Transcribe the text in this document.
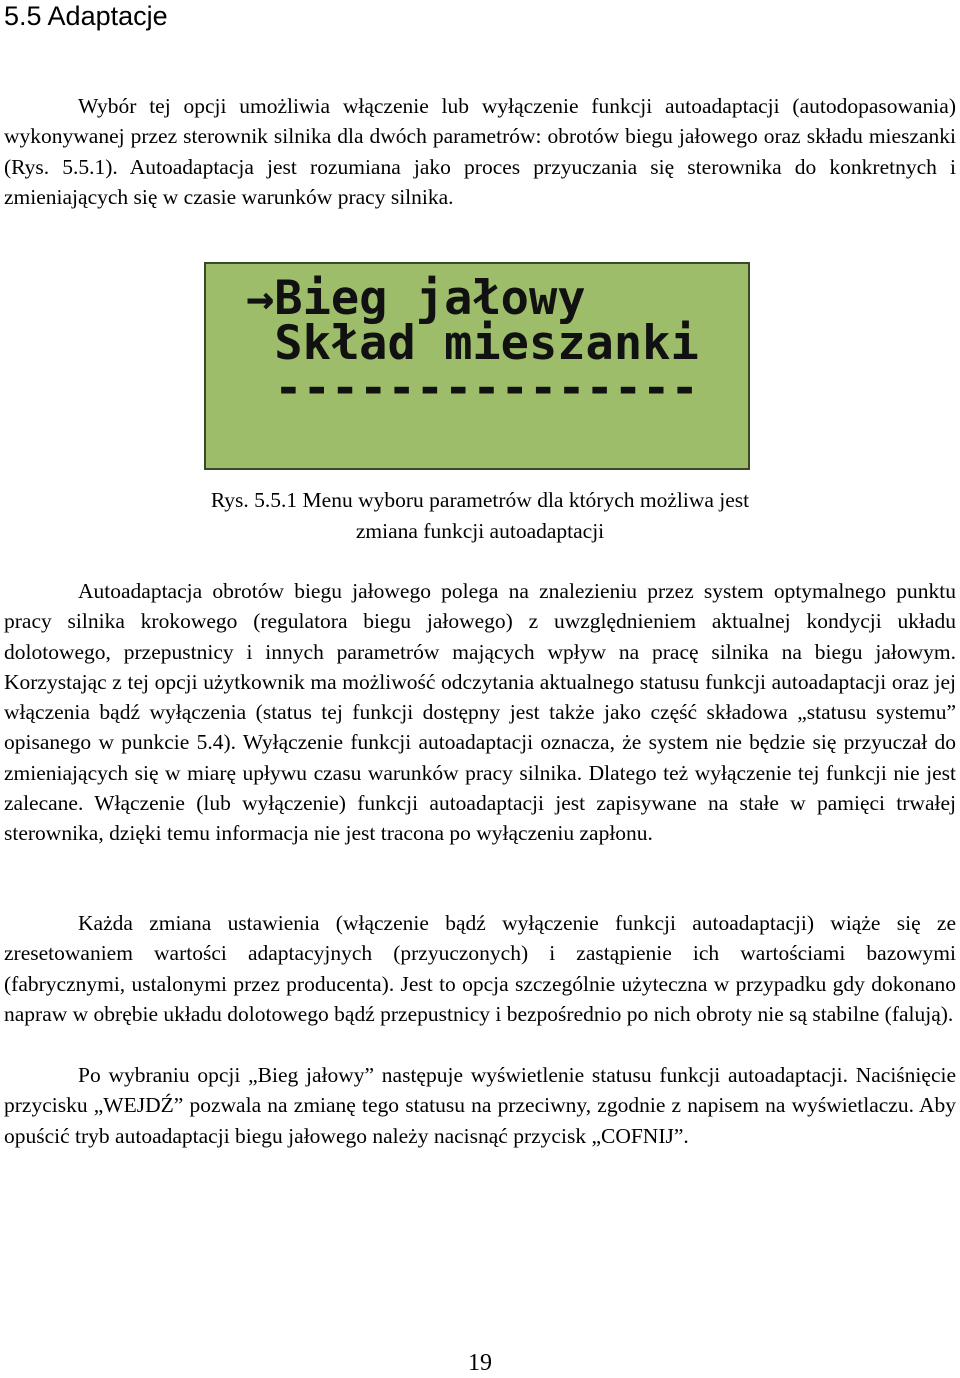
5.5 Adaptacje

Wybór tej opcji umożliwia włączenie lub wyłączenie funkcji autoadaptacji (autodopasowania) wykonywanej przez sterownik silnika dla dwóch parametrów: obrotów biegu jałowego oraz składu mieszanki (Rys. 5.5.1). Autoadaptacja jest rozumiana jako proces przyuczania się sterownika do konkretnych i zmieniających się w czasie warunków pracy silnika.

→Bieg jałowy
Skład mieszanki
---------------
Rys. 5.5.1 Menu wyboru parametrów dla których możliwa jest
zmiana funkcji autoadaptacji

Autoadaptacja obrotów biegu jałowego polega na znalezieniu przez system optymalnego punktu pracy silnika krokowego (regulatora biegu jałowego) z uwzględnieniem aktualnej kondycji układu dolotowego, przepustnicy i innych parametrów mających wpływ na pracę silnika na biegu jałowym. Korzystając z tej opcji użytkownik ma możliwość odczytania aktualnego statusu funkcji autoadaptacji oraz jej włączenia bądź wyłączenia (status tej funkcji dostępny jest także jako część składowa „statusu systemu” opisanego w punkcie 5.4). Wyłączenie funkcji autoadaptacji oznacza, że system nie będzie się przyuczał do zmieniających się w miarę upływu czasu warunków pracy silnika. Dlatego też wyłączenie tej funkcji nie jest zalecane. Włączenie (lub wyłączenie) funkcji autoadaptacji jest zapisywane na stałe w pamięci trwałej sterownika, dzięki temu informacja nie jest tracona po wyłączeniu zapłonu.

Każda zmiana ustawienia (włączenie bądź wyłączenie funkcji autoadaptacji) wiąże się ze zresetowaniem wartości adaptacyjnych (przyuczonych) i zastąpienie ich wartościami bazowymi (fabrycznymi, ustalonymi przez producenta). Jest to opcja szczególnie użyteczna w przypadku gdy dokonano napraw w obrębie układu dolotowego bądź przepustnicy i bezpośrednio po nich obroty nie są stabilne (falują).

Po wybraniu opcji „Bieg jałowy” następuje wyświetlenie statusu funkcji autoadaptacji. Naciśnięcie przycisku „WEJDŹ” pozwala na zmianę tego statusu na przeciwny, zgodnie z napisem na wyświetlaczu. Aby opuścić tryb autoadaptacji biegu jałowego należy nacisnąć przycisk „COFNIJ”.

19
